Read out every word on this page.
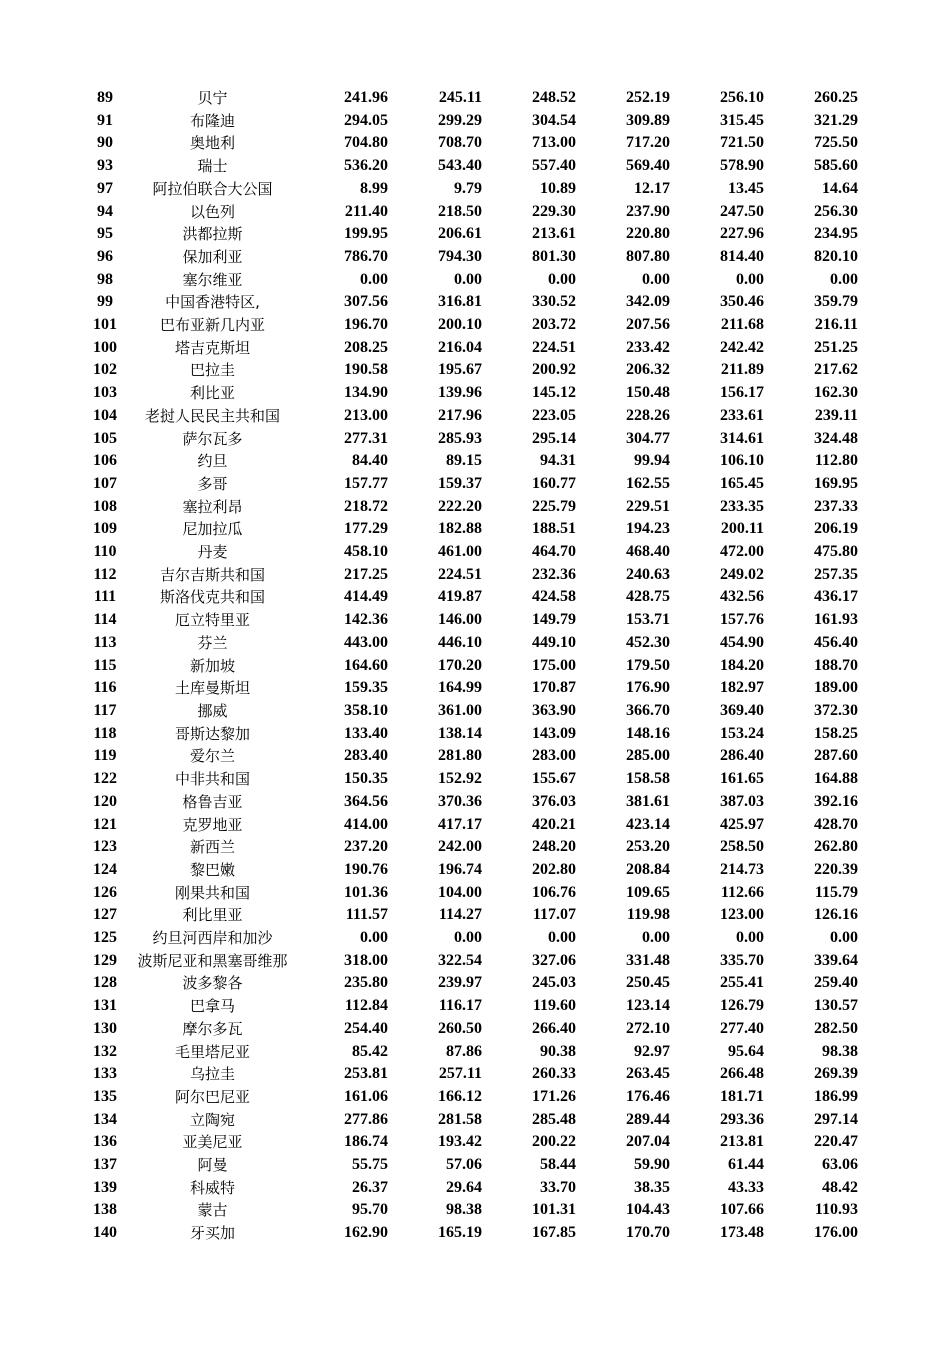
89	贝宁	241.96	245.11	248.52	252.19	256.10	260.25
91	布隆迪	294.05	299.29	304.54	309.89	315.45	321.29
90	奥地利	704.80	708.70	713.00	717.20	721.50	725.50
93	瑞士	536.20	543.40	557.40	569.40	578.90	585.60
97	阿拉伯联合大公国	8.99	9.79	10.89	12.17	13.45	14.64
94	以色列	211.40	218.50	229.30	237.90	247.50	256.30
95	洪都拉斯	199.95	206.61	213.61	220.80	227.96	234.95
96	保加利亚	786.70	794.30	801.30	807.80	814.40	820.10
98	塞尔维亚	0.00	0.00	0.00	0.00	0.00	0.00
99	中国香港特区,	307.56	316.81	330.52	342.09	350.46	359.79
101	巴布亚新几内亚	196.70	200.10	203.72	207.56	211.68	216.11
100	塔吉克斯坦	208.25	216.04	224.51	233.42	242.42	251.25
102	巴拉圭	190.58	195.67	200.92	206.32	211.89	217.62
103	利比亚	134.90	139.96	145.12	150.48	156.17	162.30
104	老挝人民民主共和国	213.00	217.96	223.05	228.26	233.61	239.11
105	萨尔瓦多	277.31	285.93	295.14	304.77	314.61	324.48
106	约旦	84.40	89.15	94.31	99.94	106.10	112.80
107	多哥	157.77	159.37	160.77	162.55	165.45	169.95
108	塞拉利昂	218.72	222.20	225.79	229.51	233.35	237.33
109	尼加拉瓜	177.29	182.88	188.51	194.23	200.11	206.19
110	丹麦	458.10	461.00	464.70	468.40	472.00	475.80
112	吉尔吉斯共和国	217.25	224.51	232.36	240.63	249.02	257.35
111	斯洛伐克共和国	414.49	419.87	424.58	428.75	432.56	436.17
114	厄立特里亚	142.36	146.00	149.79	153.71	157.76	161.93
113	芬兰	443.00	446.10	449.10	452.30	454.90	456.40
115	新加坡	164.60	170.20	175.00	179.50	184.20	188.70
116	土库曼斯坦	159.35	164.99	170.87	176.90	182.97	189.00
117	挪威	358.10	361.00	363.90	366.70	369.40	372.30
118	哥斯达黎加	133.40	138.14	143.09	148.16	153.24	158.25
119	爱尔兰	283.40	281.80	283.00	285.00	286.40	287.60
122	中非共和国	150.35	152.92	155.67	158.58	161.65	164.88
120	格鲁吉亚	364.56	370.36	376.03	381.61	387.03	392.16
121	克罗地亚	414.00	417.17	420.21	423.14	425.97	428.70
123	新西兰	237.20	242.00	248.20	253.20	258.50	262.80
124	黎巴嫩	190.76	196.74	202.80	208.84	214.73	220.39
126	刚果共和国	101.36	104.00	106.76	109.65	112.66	115.79
127	利比里亚	111.57	114.27	117.07	119.98	123.00	126.16
125	约旦河西岸和加沙	0.00	0.00	0.00	0.00	0.00	0.00
129	波斯尼亚和黑塞哥维那	318.00	322.54	327.06	331.48	335.70	339.64
128	波多黎各	235.80	239.97	245.03	250.45	255.41	259.40
131	巴拿马	112.84	116.17	119.60	123.14	126.79	130.57
130	摩尔多瓦	254.40	260.50	266.40	272.10	277.40	282.50
132	毛里塔尼亚	85.42	87.86	90.38	92.97	95.64	98.38
133	乌拉圭	253.81	257.11	260.33	263.45	266.48	269.39
135	阿尔巴尼亚	161.06	166.12	171.26	176.46	181.71	186.99
134	立陶宛	277.86	281.58	285.48	289.44	293.36	297.14
136	亚美尼亚	186.74	193.42	200.22	207.04	213.81	220.47
137	阿曼	55.75	57.06	58.44	59.90	61.44	63.06
139	科威特	26.37	29.64	33.70	38.35	43.33	48.42
138	蒙古	95.70	98.38	101.31	104.43	107.66	110.93
140	牙买加	162.90	165.19	167.85	170.70	173.48	176.00
